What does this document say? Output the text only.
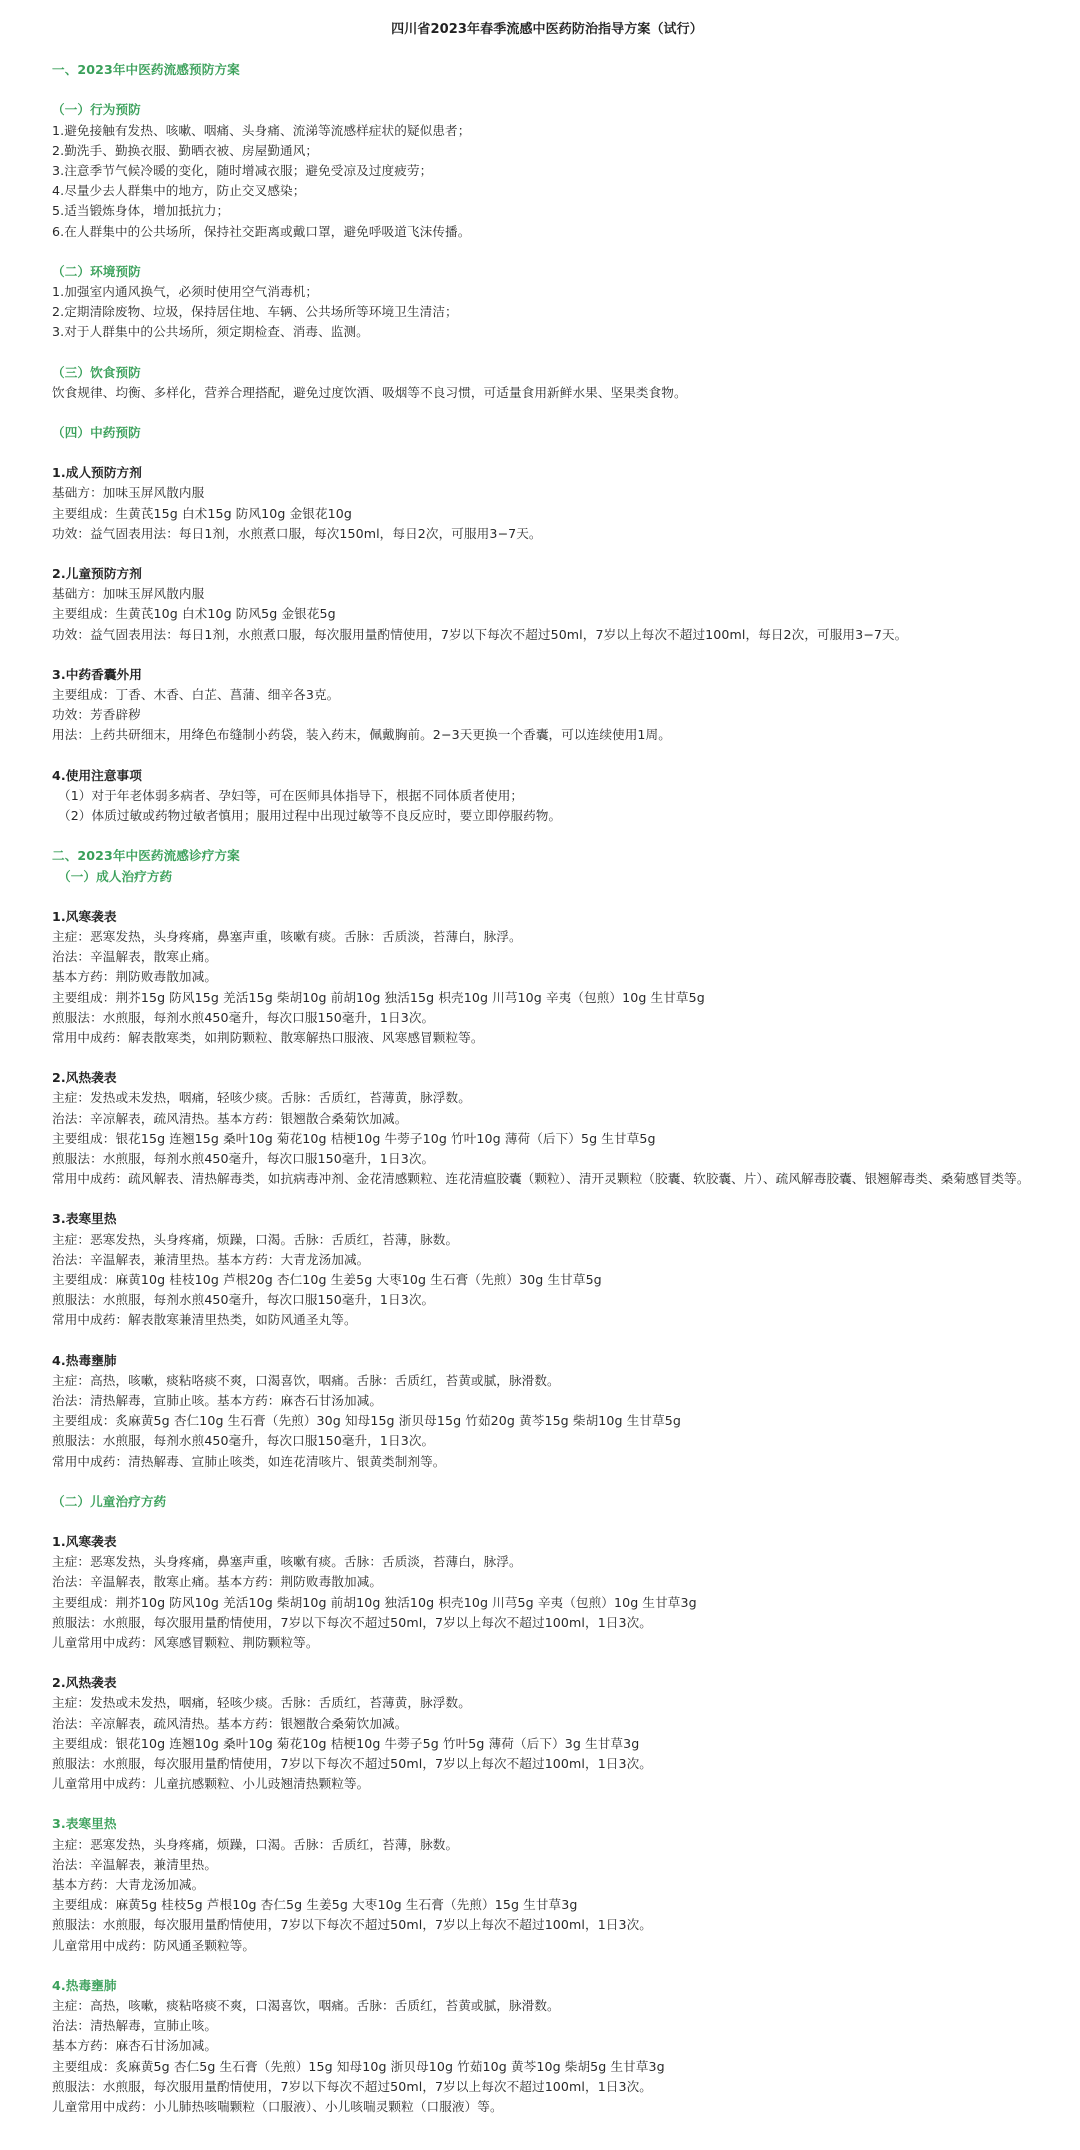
四川省2023年春季流感中医药防治指导方案（试行）
一、2023年中医药流感预防方案
（一）行为预防
1.避免接触有发热、咳嗽、咽痛、头身痛、流涕等流感样症状的疑似患者；
2.勤洗手、勤换衣服、勤晒衣被、房屋勤通风；
3.注意季节气候冷暖的变化，随时增减衣服；避免受凉及过度疲劳；
4.尽量少去人群集中的地方，防止交叉感染；
5.适当锻炼身体，增加抵抗力；
6.在人群集中的公共场所，保持社交距离或戴口罩，避免呼吸道飞沫传播。
（二）环境预防
1.加强室内通风换气，必须时使用空气消毒机；
2.定期清除废物、垃圾，保持居住地、车辆、公共场所等环境卫生清洁；
3.对于人群集中的公共场所，须定期检查、消毒、监测。
（三）饮食预防
饮食规律、均衡、多样化，营养合理搭配，避免过度饮酒、吸烟等不良习惯，可适量食用新鲜水果、坚果类食物。
（四）中药预防
1.成人预防方剂
基础方：加味玉屏风散内服
主要组成：生黄芪15g 白术15g 防风10g 金银花10g
功效：益气固表用法：每日1剂，水煎煮口服，每次150ml，每日2次，可服用3−7天。
2.儿童预防方剂
基础方：加味玉屏风散内服
主要组成：生黄芪10g 白术10g 防风5g 金银花5g
功效：益气固表用法：每日1剂，水煎煮口服，每次服用量酌情使用，7岁以下每次不超过50ml，7岁以上每次不超过100ml，每日2次，可服用3−7天。
3.中药香囊外用
主要组成：丁香、木香、白芷、菖蒲、细辛各3克。
功效：芳香辟秽
用法：上药共研细末，用绛色布缝制小药袋，装入药末，佩戴胸前。2−3天更换一个香囊，可以连续使用1周。
4.使用注意事项
（1）对于年老体弱多病者、孕妇等，可在医师具体指导下，根据不同体质者使用；
（2）体质过敏或药物过敏者慎用；服用过程中出现过敏等不良反应时，要立即停服药物。
二、2023年中医药流感诊疗方案
（一）成人治疗方药
1.风寒袭表
主症：恶寒发热，头身疼痛，鼻塞声重，咳嗽有痰。舌脉：舌质淡，苔薄白，脉浮。
治法：辛温解表，散寒止痛。
基本方药：荆防败毒散加减。
主要组成：荆芥15g 防风15g 羌活15g 柴胡10g 前胡10g 独活15g 枳壳10g 川芎10g 辛夷（包煎）10g 生甘草5g
煎服法：水煎服，每剂水煎450毫升，每次口服150毫升，1日3次。
常用中成药：解表散寒类，如荆防颗粒、散寒解热口服液、风寒感冒颗粒等。
2.风热袭表
主症：发热或未发热，咽痛，轻咳少痰。舌脉：舌质红，苔薄黄，脉浮数。
治法：辛凉解表，疏风清热。基本方药：银翘散合桑菊饮加减。
主要组成：银花15g 连翘15g 桑叶10g 菊花10g 桔梗10g 牛蒡子10g 竹叶10g 薄荷（后下）5g 生甘草5g
煎服法：水煎服，每剂水煎450毫升，每次口服150毫升，1日3次。
常用中成药：疏风解表、清热解毒类，如抗病毒冲剂、金花清感颗粒、连花清瘟胶囊（颗粒）、清开灵颗粒（胶囊、软胶囊、片）、疏风解毒胶囊、银翘解毒类、桑菊感冒类等。
3.表寒里热
主症：恶寒发热，头身疼痛，烦躁，口渴。舌脉：舌质红，苔薄，脉数。
治法：辛温解表，兼清里热。基本方药：大青龙汤加减。
主要组成：麻黄10g 桂枝10g 芦根20g 杏仁10g 生姜5g 大枣10g 生石膏（先煎）30g 生甘草5g
煎服法：水煎服，每剂水煎450毫升，每次口服150毫升，1日3次。
常用中成药：解表散寒兼清里热类，如防风通圣丸等。
4.热毒壅肺
主症：高热，咳嗽，痰粘咯痰不爽，口渴喜饮，咽痛。舌脉：舌质红，苔黄或腻，脉滑数。
治法：清热解毒，宣肺止咳。基本方药：麻杏石甘汤加减。
主要组成：炙麻黄5g 杏仁10g 生石膏（先煎）30g 知母15g 浙贝母15g 竹茹20g 黄芩15g 柴胡10g 生甘草5g
煎服法：水煎服，每剂水煎450毫升，每次口服150毫升，1日3次。
常用中成药：清热解毒、宣肺止咳类，如连花清咳片、银黄类制剂等。
（二）儿童治疗方药
1.风寒袭表
主症：恶寒发热，头身疼痛，鼻塞声重，咳嗽有痰。舌脉：舌质淡，苔薄白，脉浮。
治法：辛温解表，散寒止痛。基本方药：荆防败毒散加减。
主要组成：荆芥10g 防风10g 羌活10g 柴胡10g 前胡10g 独活10g 枳壳10g 川芎5g 辛夷（包煎）10g 生甘草3g
煎服法：水煎服，每次服用量酌情使用，7岁以下每次不超过50ml，7岁以上每次不超过100ml，1日3次。
儿童常用中成药：风寒感冒颗粒、荆防颗粒等。
2.风热袭表
主症：发热或未发热，咽痛，轻咳少痰。舌脉：舌质红，苔薄黄，脉浮数。
治法：辛凉解表，疏风清热。基本方药：银翘散合桑菊饮加减。
主要组成：银花10g 连翘10g 桑叶10g 菊花10g 桔梗10g 牛蒡子5g 竹叶5g 薄荷（后下）3g 生甘草3g
煎服法：水煎服，每次服用量酌情使用，7岁以下每次不超过50ml，7岁以上每次不超过100ml，1日3次。
儿童常用中成药：儿童抗感颗粒、小儿豉翘清热颗粒等。
3.表寒里热
主症：恶寒发热，头身疼痛，烦躁，口渴。舌脉：舌质红，苔薄，脉数。
治法：辛温解表，兼清里热。
基本方药：大青龙汤加减。
主要组成：麻黄5g 桂枝5g 芦根10g 杏仁5g 生姜5g 大枣10g 生石膏（先煎）15g 生甘草3g
煎服法：水煎服，每次服用量酌情使用，7岁以下每次不超过50ml，7岁以上每次不超过100ml，1日3次。
儿童常用中成药：防风通圣颗粒等。
4.热毒壅肺
主症：高热，咳嗽，痰粘咯痰不爽，口渴喜饮，咽痛。舌脉：舌质红，苔黄或腻，脉滑数。
治法：清热解毒，宣肺止咳。
基本方药：麻杏石甘汤加减。
主要组成：炙麻黄5g 杏仁5g 生石膏（先煎）15g 知母10g 浙贝母10g 竹茹10g 黄芩10g 柴胡5g 生甘草3g
煎服法：水煎服，每次服用量酌情使用，7岁以下每次不超过50ml，7岁以上每次不超过100ml，1日3次。
儿童常用中成药：小儿肺热咳喘颗粒（口服液）、小儿咳喘灵颗粒（口服液）等。
